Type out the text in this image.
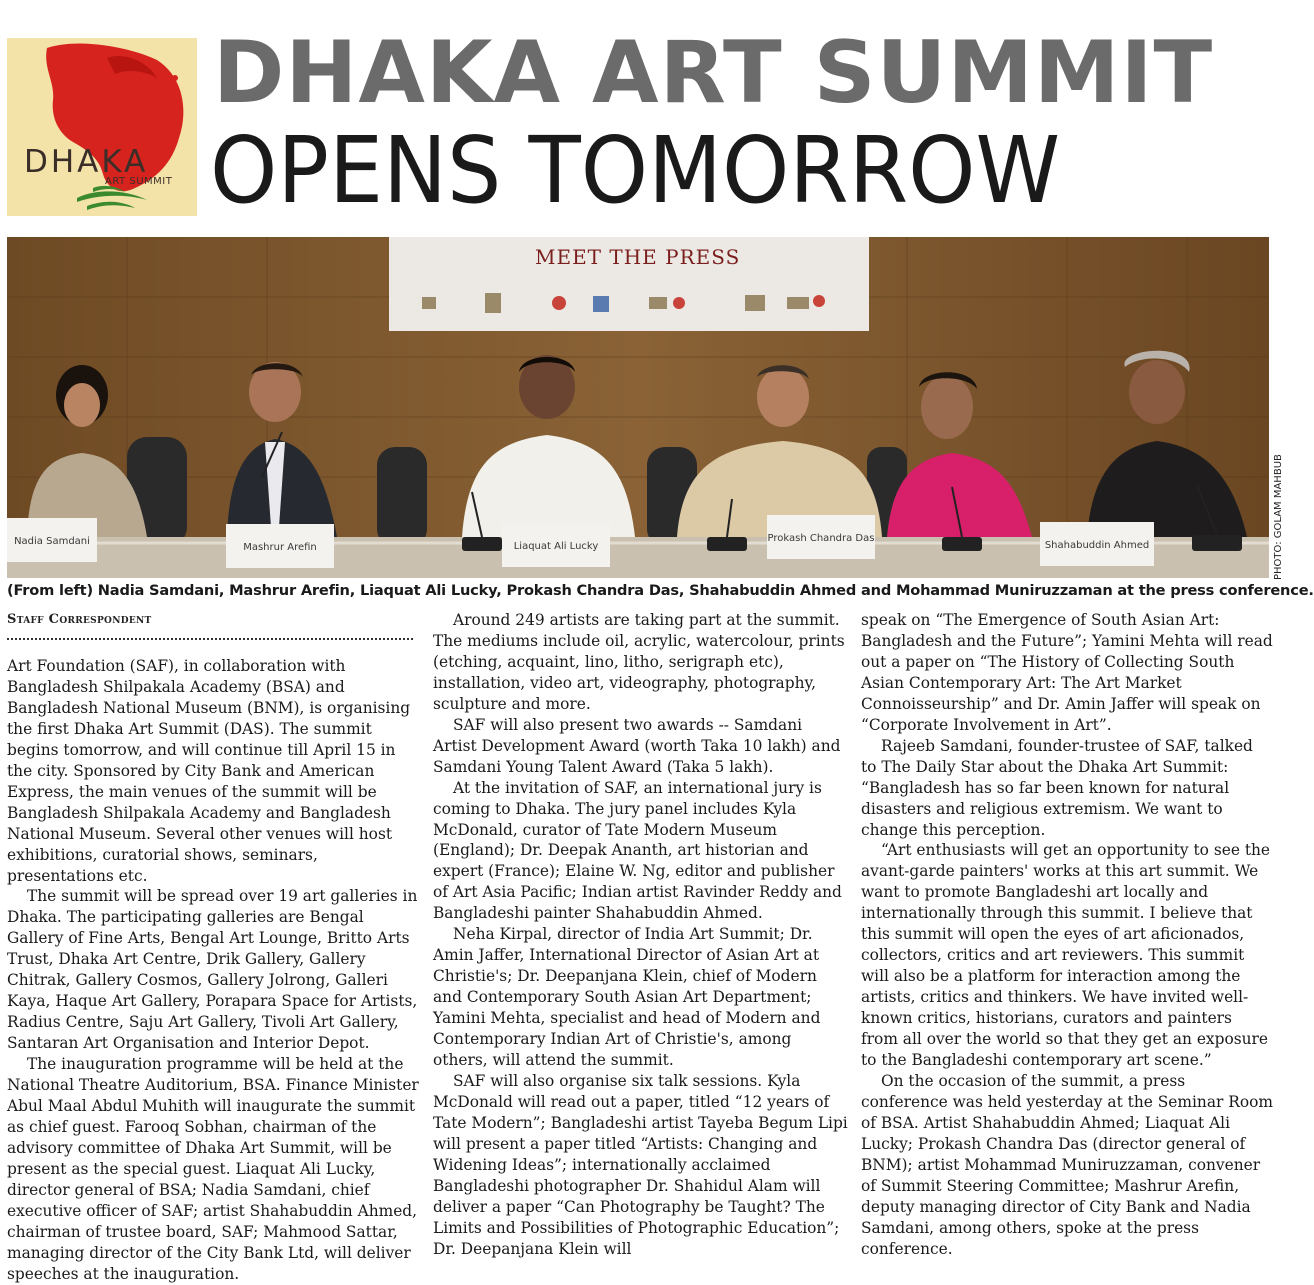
DHAKA
ART SUMMIT
DHAKA ART SUMMIT
OPENS TOMORROW
MEET THE PRESS
Nadia Samdani
Mashrur Arefin	Liaquat Ali Lucky
Prokash Chandra Das
Shahabuddin Ahmed	PHOTO: GOLAM MAHBUB
(From left) Nadia Samdani, Mashrur Arefin, Liaquat Ali Lucky, Prokash Chandra Das, Shahabuddin Ahmed and Mohammad Muniruzzaman at the press conference.
Staff Correspondent

Art Foundation (SAF), in collaboration with Bangladesh Shilpakala Academy (BSA) and Bangladesh National Museum (BNM), is organising the first Dhaka Art Summit (DAS). The summit begins tomorrow, and will continue till April 15 in the city. Sponsored by City Bank and American Express, the main venues of the summit will be Bangladesh Shilpakala Academy and Bangladesh National Museum. Several other venues will host exhibitions, curatorial shows, seminars, presentations etc.

The summit will be spread over 19 art galleries in Dhaka. The participating galleries are Bengal Gallery of Fine Arts, Bengal Art Lounge, Britto Arts Trust, Dhaka Art Centre, Drik Gallery, Gallery Chitrak, Gallery Cosmos, Gallery Jolrong, Galleri Kaya, Haque Art Gallery, Porapara Space for Artists, Radius Centre, Saju Art Gallery, Tivoli Art Gallery, Santaran Art Organisation and Interior Depot.

The inauguration programme will be held at the National Theatre Auditorium, BSA. Finance Minister Abul Maal Abdul Muhith will inaugurate the summit as chief guest. Farooq Sobhan, chairman of the advisory committee of Dhaka Art Summit, will be present as the special guest. Liaquat Ali Lucky, director general of BSA; Nadia Samdani, chief executive officer of SAF; artist Shahabuddin Ahmed, chairman of trustee board, SAF; Mahmood Sattar, managing director of the City Bank Ltd, will deliver speeches at the inauguration.

Around 249 artists are taking part at the summit. The mediums include oil, acrylic, watercolour, prints (etching, acquaint, lino, litho, serigraph etc), installation, video art, videography, photography, sculpture and more.

SAF will also present two awards -- Samdani Artist Development Award (worth Taka 10 lakh) and Samdani Young Talent Award (Taka 5 lakh).

At the invitation of SAF, an international jury is coming to Dhaka. The jury panel includes Kyla McDonald, curator of Tate Modern Museum (England); Dr. Deepak Ananth, art historian and expert (France); Elaine W. Ng, editor and publisher of Art Asia Pacific; Indian artist Ravinder Reddy and Bangladeshi painter Shahabuddin Ahmed.

Neha Kirpal, director of India Art Summit; Dr. Amin Jaffer, International Director of Asian Art at Christie's; Dr. Deepanjana Klein, chief of Modern and Contemporary South Asian Art Department; Yamini Mehta, specialist and head of Modern and Contemporary Indian Art of Christie's, among others, will attend the summit.

SAF will also organise six talk sessions. Kyla McDonald will read out a paper, titled “12 years of Tate Modern”; Bangladeshi artist Tayeba Begum Lipi will present a paper titled “Artists: Changing and Widening Ideas”; internationally acclaimed Bangladeshi photographer Dr. Shahidul Alam will deliver a paper “Can Photography be Taught? The Limits and Possibilities of Photographic Education”; Dr. Deepanjana Klein will

speak on “The Emergence of South Asian Art: Bangladesh and the Future”; Yamini Mehta will read out a paper on “The History of Collecting South Asian Contemporary Art: The Art Market Connoisseurship” and Dr. Amin Jaffer will speak on “Corporate Involvement in Art”.

Rajeeb Samdani, founder-trustee of SAF, talked to The Daily Star about the Dhaka Art Summit: “Bangladesh has so far been known for natural disasters and religious extremism. We want to change this perception.

“Art enthusiasts will get an opportunity to see the avant-garde painters' works at this art summit. We want to promote Bangladeshi art locally and internationally through this summit. I believe that this summit will open the eyes of art aficionados, collectors, critics and art reviewers. This summit will also be a platform for interaction among the artists, critics and thinkers. We have invited well-known critics, historians, curators and painters from all over the world so that they get an exposure to the Bangladeshi contemporary art scene.”

On the occasion of the summit, a press conference was held yesterday at the Seminar Room of BSA. Artist Shahabuddin Ahmed; Liaquat Ali Lucky; Prokash Chandra Das (director general of BNM); artist Mohammad Muniruzzaman, convener of Summit Steering Committee; Mashrur Arefin, deputy managing director of City Bank and Nadia Samdani, among others, spoke at the press conference.
